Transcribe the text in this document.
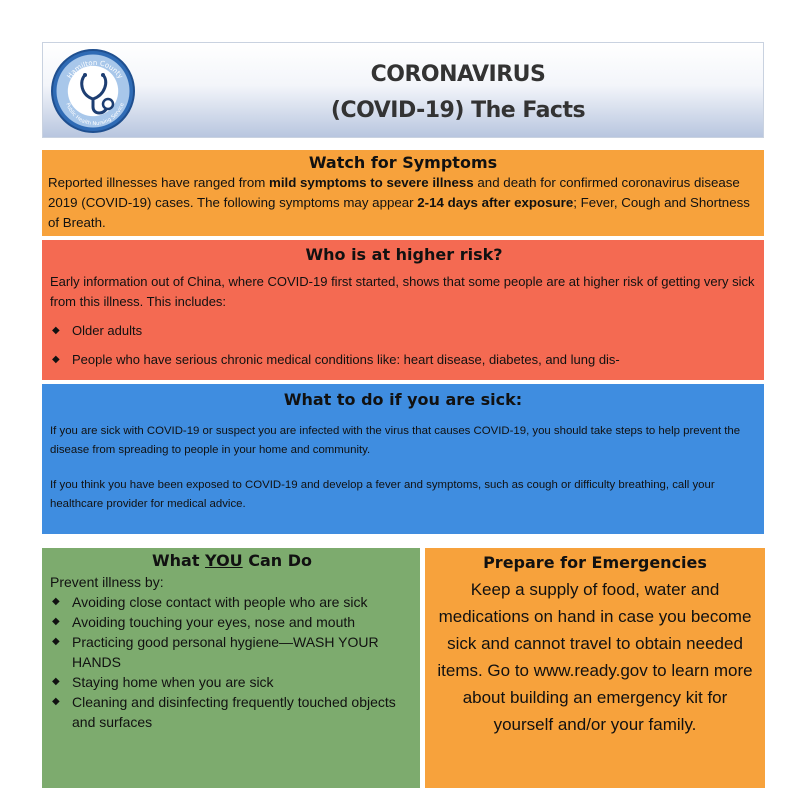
Hamilton County
Public Health Nursing Service
CORONAVIRUS
(COVID-19) The Facts
Watch for Symptoms

Reported illnesses have ranged from mild symptoms to severe illness and death for confirmed coronavirus disease 2019 (COVID-19) cases. The following symptoms may appear 2-14 days after exposure; Fever, Cough and Shortness of Breath.

Who is at higher risk?

Early information out of China, where COVID-19 first started, shows that some people are at higher risk of getting very sick from this illness. This includes:

◆ Older adults
◆ People who have serious chronic medical conditions like: heart disease, diabetes, and lung dis-
What to do if you are sick:

If you are sick with COVID-19 or suspect you are infected with the virus that causes COVID-19, you should take steps to help prevent the disease from spreading to people in your home and community.

If you think you have been exposed to COVID-19 and develop a fever and symptoms, such as cough or difficulty breathing, call your healthcare provider for medical advice.

What YOU Can Do

Prevent illness by:

◆ Avoiding close contact with people who are sick
◆ Avoiding touching your eyes, nose and mouth
◆ Practicing good personal hygiene—WASH YOUR HANDS
◆ Staying home when you are sick
◆ Cleaning and disinfecting frequently touched objects and surfaces
Prepare for Emergencies

Keep a supply of food, water and medications on hand in case you become sick and cannot travel to obtain needed items. Go to www.ready.gov to learn more about building an emergency kit for yourself and/or your family.
